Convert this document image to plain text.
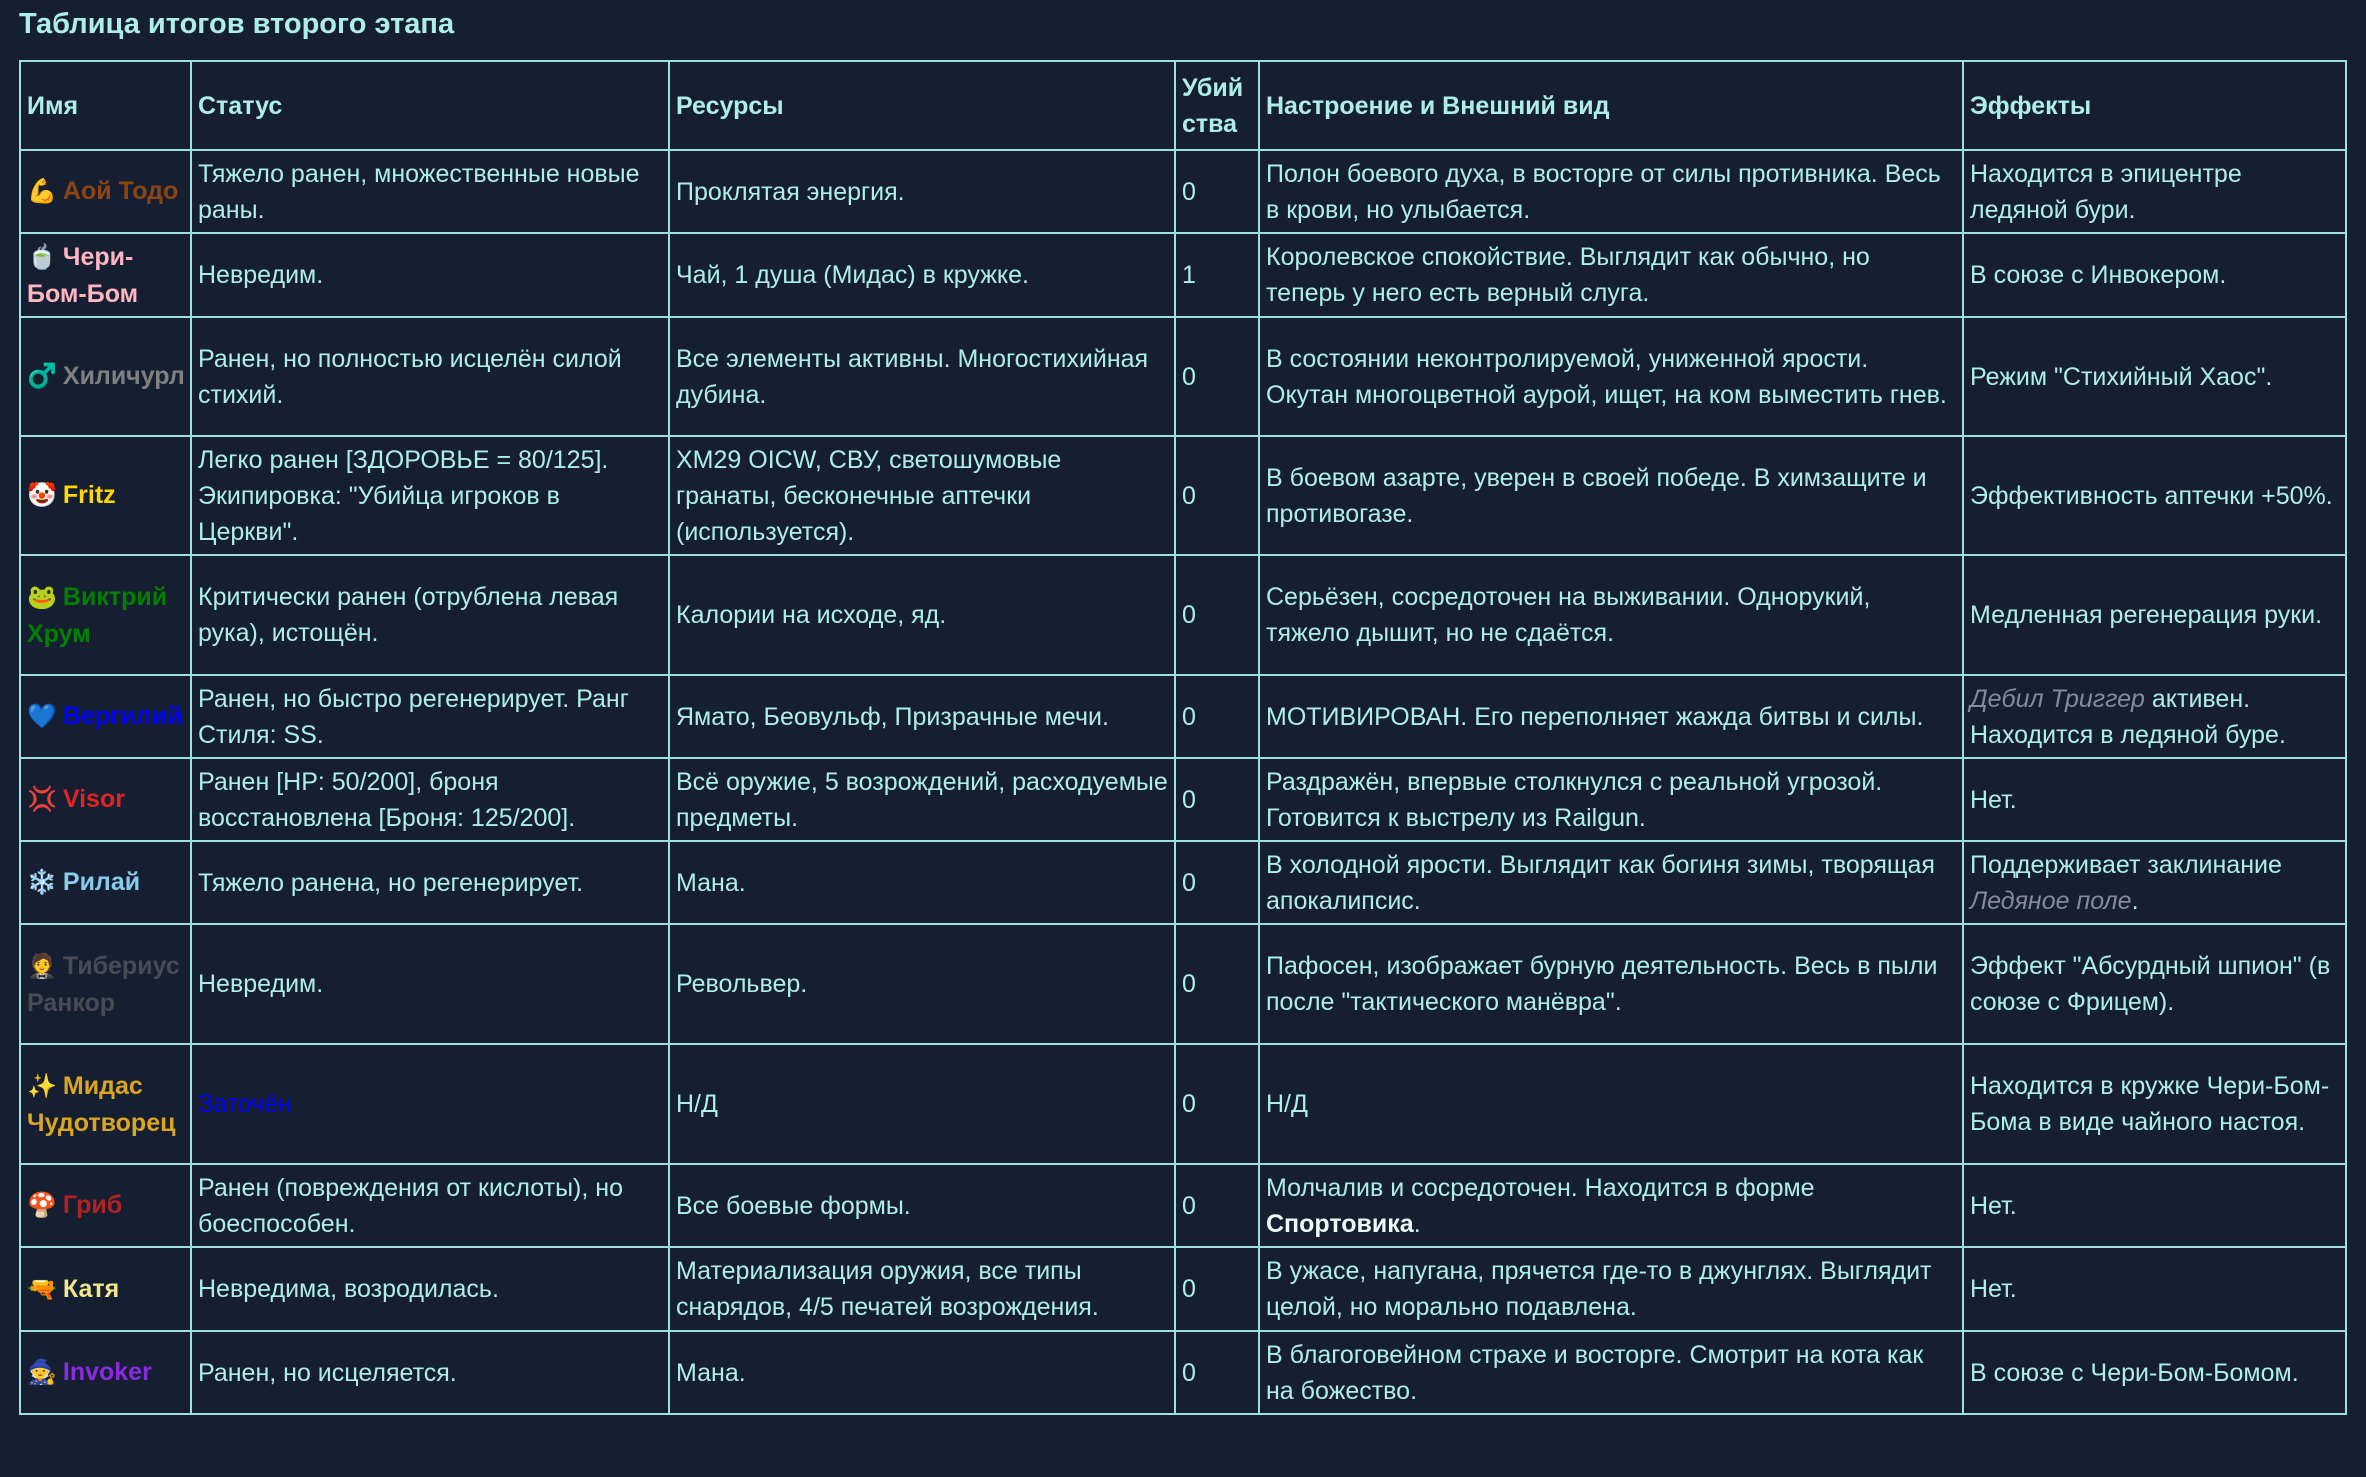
Таблица итогов второго этапа
Имя	Статус	Ресурсы	Убийства	Настроение и Внешний вид	Эффекты
💪 Аой Тодо	Тяжело ранен, множественные новые раны.	Проклятая энергия.	0	Полон боевого духа, в восторге от силы противника. Весь в крови, но улыбается.	Находится в эпицентре ледяной бури.
🍵 Чери-Бом-Бом	Невредим.	Чай, 1 душа (Мидас) в кружке.	1	Королевское спокойствие. Выглядит как обычно, но теперь у него есть верный слуга.	В союзе с Инвокером.
♂️ Хиличурл	Ранен, но полностью исцелён силой стихий.	Все элементы активны. Многостихийная дубина.	0	В состоянии неконтролируемой, униженной ярости. Окутан многоцветной аурой, ищет, на ком выместить гнев.	Режим "Стихийный Хаос".
🤡 Fritz	Легко ранен [ЗДОРОВЬЕ = 80/125]. Экипировка: "Убийца игроков в Церкви".	XM29 OICW, СВУ, светошумовые гранаты, бесконечные аптечки (используется).	0	В боевом азарте, уверен в своей победе. В химзащите и противогазе.	Эффективность аптечки +50%.
🐸 Виктрий Хрум	Критически ранен (отрублена левая рука), истощён.	Калории на исходе, яд.	0	Серьёзен, сосредоточен на выживании. Однорукий, тяжело дышит, но не сдаётся.	Медленная регенерация руки.
💙 Вергилий	Ранен, но быстро регенерирует. Ранг Стиля: SS.	Ямато, Беовульф, Призрачные мечи.	0	МОТИВИРОВАН. Его переполняет жажда битвы и силы.	Дебил Триггер активен. Находится в ледяной буре.
💢 Visor	Ранен [HP: 50/200], броня восстановлена [Броня: 125/200].	Всё оружие, 5 возрождений, расходуемые предметы.	0	Раздражён, впервые столкнулся с реальной угрозой. Готовится к выстрелу из Railgun.	Нет.
❄️ Рилай	Тяжело ранена, но регенерирует.	Мана.	0	В холодной ярости. Выглядит как богиня зимы, творящая апокалипсис.	Поддерживает заклинание Ледяное поле.
🤵 Тибериус Ранкор	Невредим.	Револьвер.	0	Пафосен, изображает бурную деятельность. Весь в пыли после "тактического манёвра".	Эффект "Абсурдный шпион" (в союзе с Фрицем).
✨ Мидас Чудотворец	Заточён	Н/Д	0	Н/Д	Находится в кружке Чери-Бом-Бома в виде чайного настоя.
🍄 Гриб	Ранен (повреждения от кислоты), но боеспособен.	Все боевые формы.	0	Молчалив и сосредоточен. Находится в форме Спортовика.	Нет.
🔫 Катя	Невредима, возродилась.	Материализация оружия, все типы снарядов, 4/5 печатей возрождения.	0	В ужасе, напугана, прячется где-то в джунглях. Выглядит целой, но морально подавлена.	Нет.
🧙 Invoker	Ранен, но исцеляется.	Мана.	0	В благоговейном страхе и восторге. Смотрит на кота как на божество.	В союзе с Чери-Бом-Бомом.
